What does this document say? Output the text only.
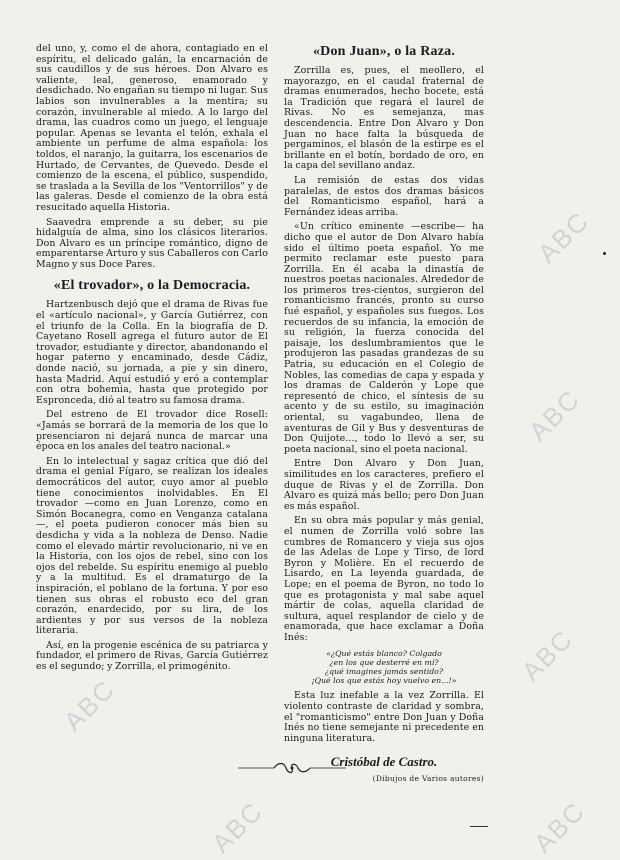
ABC
ABC
ABC
ABC	ABC
ABC

del uno, y, como el de ahora, contagiado en el espíritu, el delicado galán, la encarnación de sus caudillos y de sus héroes. Don Alvaro es valiente, leal, generoso, enamorado y desdichado. No engañan su tiempo ni lugar. Sus labios son invulnerables a la mentira; su corazón, invulnerable al miedo. A lo largo del drama, las cuadros como un juego, el lenguaje popular. Apenas se levanta el telón, exhala el ambiente un perfume de alma española: los toldos, el naranjo, la guitarra, los escenarios de Hurtado, de Cervantes, de Quevedo. Desde el comienzo de la escena, el público, suspendido, se traslada a la Sevilla de los "Ventorrillos" y de las galeras. Desde el comienzo de la obra está resucitado aquella Historia.

Saavedra emprende a su deber, su pie hidalguía de alma, sino los clásicos literarios. Don Alvaro es un príncipe romántico, digno de emparentarse Arturo y sus Caballeros con Carlo Magno y sus Doce Pares.

«El trovador», o la Democracia.

Hartzenbusch dejó que el drama de Rivas fue el «artículo nacional», y García Gutiérrez, con el triunfo de la Colla. En la biografía de D. Cayetano Rosell agrega el futuro autor de El trovador, estudiante y director, abandonando el hogar paterno y encaminado, desde Cádiz, donde nació, su jornada, a pie y sin dinero, hasta Madrid. Aquí estudió y eró a contemplar con otra bohemia, hasta que protegido por Espronceda, dió al teatro su famosa drama.

Del estreno de El trovador dice Rosell: «Jamás se borrará de la memoria de los que lo presenciaron ni dejará nunca de marcar una época en los anales del teatro nacional.»

En lo intelectual y sagaz crítica que dió del drama el genial Fígaro, se realizan los ideales democráticos del autor, cuyo amor al pueblo tiene conocimientos inolvidables. En El trovador —como en Juan Lorenzo, como en Simón Bocanegra, como en Venganza catalana—, el poeta pudieron conocer más bien su desdicha y vida a la nobleza de Denso. Nadie como el elevado mártir revolucionario, ni ve en la Historia, con los ojos de rebel, sino con los ojos del rebelde. Su espíritu enemigo al pueblo y a la multitud. Es el dramaturgo de la inspiración, el poblano de la fortuna. Y por eso tienen sus obras el robusto eco del gran corazón, enardecido, por su lira, de los ardientes y por sus versos de la nobleza literaria.

Así, en la progenie escénica de su patriarca y fundador, el primero de Rivas, García Gutiérrez es el segundo; y Zorrilla, el primogénito.

«Don Juan», o la Raza.

Zorrilla es, pues, el meollero, el mayorazgo, en el caudal fraternal de dramas enumerados, hecho bocete, está la Tradición que regará el laurel de Rivas. No es semejanza, mas descendencia. Entre Don Alvaro y Don Juan no hace falta la búsqueda de pergaminos, el blasón de la estirpe es el brillante en el botín, bordado de oro, en la capa del sevillano andaz.

La remisión de estas dos vidas paralelas, de estos dos dramas básicos del Romanticismo español, hará a Fernández ideas arriba.

«Un crítico eminente —escribe— ha dicho que el autor de Don Alvaro había sido el último poeta español. Yo me permito reclamar este puesto para Zorrilla. En él acaba la dinastía de nuestros poetas nacionales. Alrededor de los primeros tres-cientos, surgieron del romanticismo francés, pronto su curso fué español, y españoles sus fuegos. Los recuerdos de su infancia, la emoción de su religión, la fuerza conocida del paisaje, los deslumbramientos que le produjeron las pasadas grandezas de su Patria, su educación en el Colegio de Nobles, las comedias de capa y espada y los dramas de Calderón y Lope que representó de chico, el síntesis de su acento y de su estilo, su imaginación oriental, su vagabundeo, llena de aventuras de Gil y Bus y desventuras de Don Quijote..., todo lo llevó a ser, su poeta nacional, sino el poeta nacional.

Entre Don Alvaro y Don Juan, similitudes en los caracteres, prefiero el duque de Rivas y el de Zorrilla. Don Alvaro es quizá más bello; pero Don Juan es más español.

En su obra más popular y más genial, el numen de Zorrilla voló sobre las cumbres de Romancero y vieja sus ojos de las Adelas de Lope y Tirso, de lord Byron y Molière. En el recuerdo de Lisardo, en La leyenda guardada, de Lope; en el poema de Byron, no todo lo que es protagonista y mal sabe aquel mártir de colas, aquella claridad de sultura, aquel resplandor de cielo y de enamorada, que hace exclamar a Doña Inés:

«¿Qué estás blanco? Colgado
¿en los que desterré en mí?
¿qué imagines jamás sentido?
¡Qué los que estás hoy vuelvo en...!»

Esta luz inefable a la vez Zorrilla. El violento contraste de claridad y sombra, el "romanticismo" entre Don Juan y Doña Inés no tiene semejante ni precedente en ninguna literatura.

Cristóbal de Castro.

(Dibujos de Varios autores)
